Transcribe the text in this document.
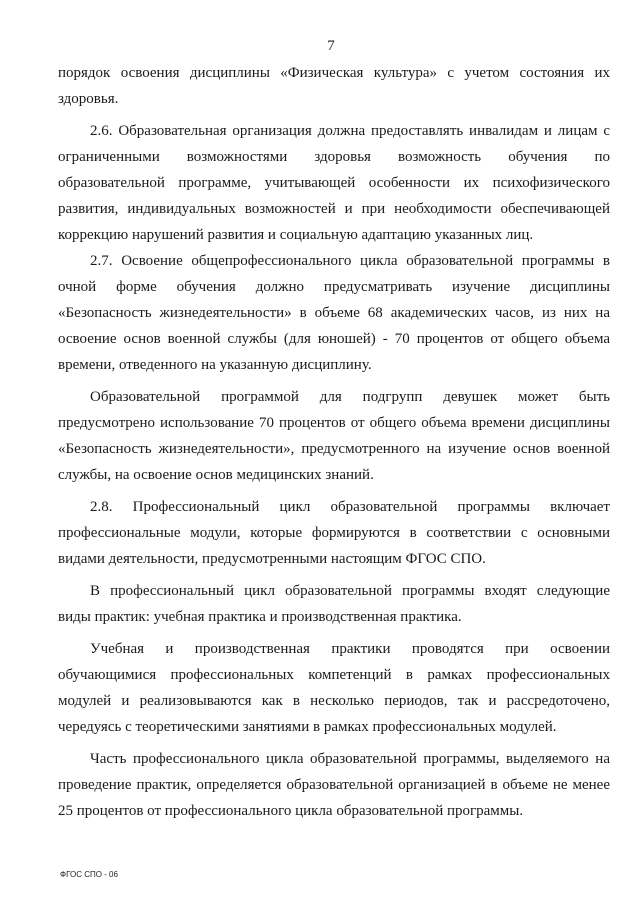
7
порядок освоения дисциплины «Физическая культура» с учетом состояния их
здоровья.
2.6. Образовательная организация должна предоставлять инвалидам и лицам с
ограниченными возможностями здоровья возможность обучения по
образовательной программе, учитывающей особенности их психофизического
развития, индивидуальных возможностей и при необходимости обеспечивающей
коррекцию нарушений развития и социальную адаптацию указанных лиц.
2.7. Освоение общепрофессионального цикла образовательной программы в
очной форме обучения должно предусматривать изучение дисциплины
«Безопасность жизнедеятельности» в объеме 68 академических часов, из них на
освоение основ военной службы (для юношей) - 70 процентов от общего объема
времени, отведенного на указанную дисциплину.
Образовательной программой для подгрупп девушек может быть
предусмотрено использование 70 процентов от общего объема времени дисциплины
«Безопасность жизнедеятельности», предусмотренного на изучение основ военной
службы, на освоение основ медицинских знаний.
2.8. Профессиональный цикл образовательной программы включает
профессиональные модули, которые формируются в соответствии с основными
видами деятельности, предусмотренными настоящим ФГОС СПО.
В профессиональный цикл образовательной программы входят следующие
виды практик: учебная практика и производственная практика.
Учебная и производственная практики проводятся при освоении
обучающимися профессиональных компетенций в рамках профессиональных
модулей и реализовываются как в несколько периодов, так и рассредоточено,
чередуясь с теоретическими занятиями в рамках профессиональных модулей.
Часть профессионального цикла образовательной программы, выделяемого на
проведение практик, определяется образовательной организацией в объеме не менее
25 процентов от профессионального цикла образовательной программы.
ФГОС СПО - 06
